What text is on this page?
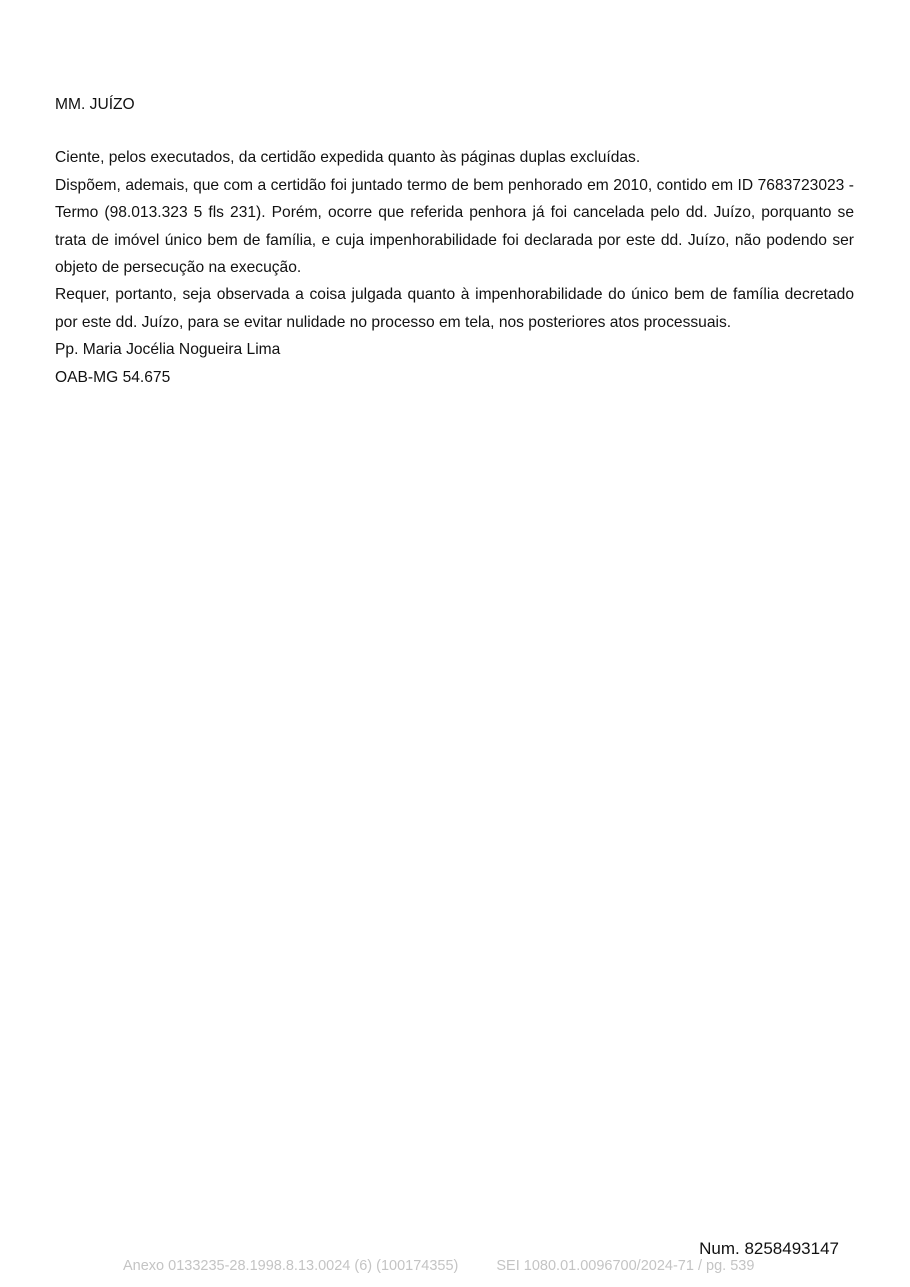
MM. JUÍZO

Ciente, pelos executados, da certidão expedida quanto às páginas duplas excluídas.

Dispõem, ademais, que com a certidão foi juntado termo de bem penhorado em 2010, contido em ID 7683723023 - Termo (98.013.323 5 fls 231). Porém, ocorre que referida penhora já foi cancelada pelo dd. Juízo, porquanto se trata de imóvel único bem de família, e cuja impenhorabilidade foi declarada por este dd. Juízo, não podendo ser objeto de persecução na execução.

Requer, portanto, seja observada a coisa julgada quanto à impenhorabilidade do único bem de família decretado por este dd. Juízo, para se evitar nulidade no processo em tela, nos posteriores atos processuais.

Pp. Maria Jocélia Nogueira Lima

OAB-MG 54.675

Num. 8258493147
Anexo 0133235-28.1998.8.13.0024 (6) (100174355)	SEI 1080.01.0096700/2024-71 / pg. 539
